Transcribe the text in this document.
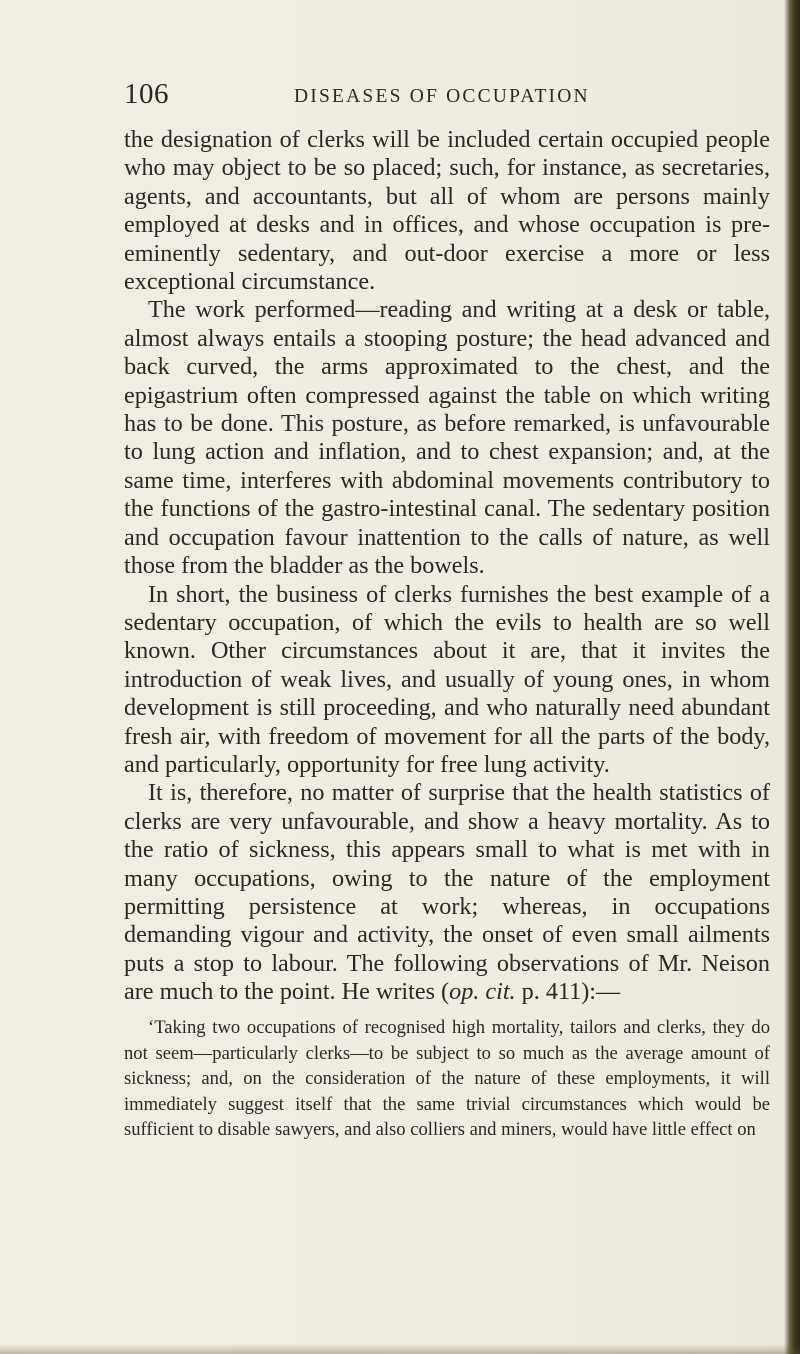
106	DISEASES OF OCCUPATION

the designation of clerks will be included certain occupied people who may object to be so placed; such, for instance, as secretaries, agents, and accountants, but all of whom are persons mainly employed at desks and in offices, and whose occupation is pre-eminently sedentary, and out-door exercise a more or less exceptional circumstance.

The work performed—reading and writing at a desk or table, almost always entails a stooping posture; the head advanced and back curved, the arms approximated to the chest, and the epigastrium often compressed against the table on which writing has to be done. This posture, as before remarked, is unfavourable to lung action and inflation, and to chest expansion; and, at the same time, interferes with abdominal movements contributory to the functions of the gastro-intestinal canal. The sedentary position and occupation favour inattention to the calls of nature, as well those from the bladder as the bowels.

In short, the business of clerks furnishes the best example of a sedentary occupation, of which the evils to health are so well known. Other circumstances about it are, that it invites the introduction of weak lives, and usually of young ones, in whom development is still proceeding, and who naturally need abundant fresh air, with freedom of movement for all the parts of the body, and particularly, opportunity for free lung activity.

It is, therefore, no matter of surprise that the health statistics of clerks are very unfavourable, and show a heavy mortality. As to the ratio of sickness, this appears small to what is met with in many occupations, owing to the nature of the employment permitting persistence at work; whereas, in occupations demanding vigour and activity, the onset of even small ailments puts a stop to labour. The following observations of Mr. Neison are much to the point. He writes (op. cit. p. 411):—

‘Taking two occupations of recognised high mortality, tailors and clerks, they do not seem—particularly clerks—to be subject to so much as the average amount of sickness; and, on the consideration of the nature of these employments, it will immediately suggest itself that the same trivial circumstances which would be sufficient to disable sawyers, and also colliers and miners, would have little effect on
